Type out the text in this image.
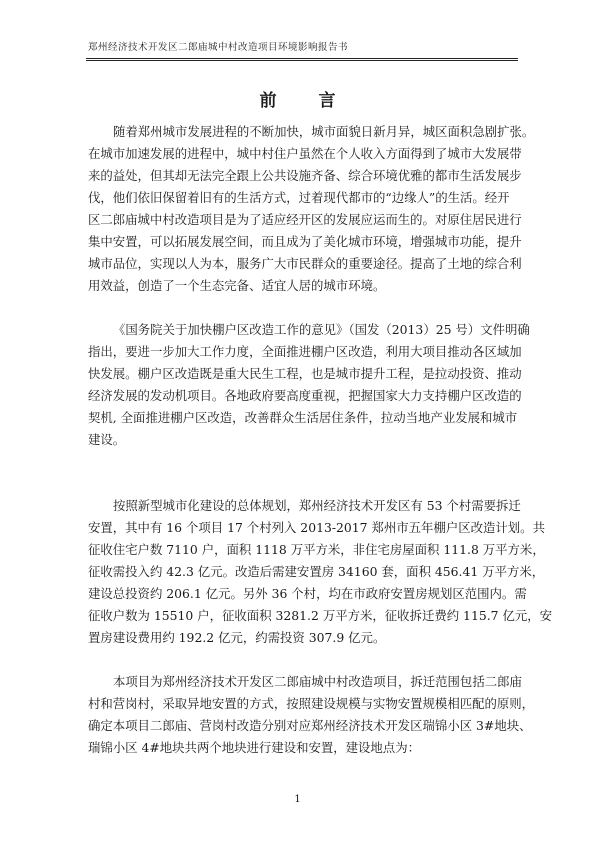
郑州经济技术开发区二郎庙城中村改造项目环境影响报告书
前 言
随着郑州城市发展进程的不断加快，城市面貌日新月异，城区面积急剧扩张。
在城市加速发展的进程中，城中村住户虽然在个人收入方面得到了城市大发展带
来的益处，但其却无法完全跟上公共设施齐备、综合环境优雅的都市生活发展步
伐，他们依旧保留着旧有的生活方式，过着现代都市的“边缘人”的生活。经开
区二郎庙城中村改造项目是为了适应经开区的发展应运而生的。对原住居民进行
集中安置，可以拓展发展空间，而且成为了美化城市环境，增强城市功能，提升
城市品位，实现以人为本，服务广大市民群众的重要途径。提高了土地的综合利
用效益，创造了一个生态完备、适宜人居的城市环境。
《国务院关于加快棚户区改造工作的意见》（国发（2013）25 号）文件明确
指出，要进一步加大工作力度，全面推进棚户区改造，利用大项目推动各区域加
快发展。棚户区改造既是重大民生工程，也是城市提升工程，是拉动投资、推动
经济发展的发动机项目。各地政府要高度重视，把握国家大力支持棚户区改造的
契机, 全面推进棚户区改造，改善群众生活居住条件，拉动当地产业发展和城市
建设。
按照新型城市化建设的总体规划，郑州经济技术开发区有 53 个村需要拆迁
安置，其中有 16 个项目 17 个村列入 2013-2017 郑州市五年棚户区改造计划。共
征收住宅户数 7110 户，面积 1118 万平方米，非住宅房屋面积 111.8 万平方米，
征收需投入约 42.3 亿元。改造后需建安置房 34160 套，面积 456.41 万平方米，
建设总投资约 206.1 亿元。另外 36 个村，均在市政府安置房规划区范围内。需
征收户数为 15510 户，征收面积 3281.2 万平方米，征收拆迁费约 115.7 亿元，安
置房建设费用约 192.2 亿元，约需投资 307.9 亿元。
本项目为郑州经济技术开发区二郎庙城中村改造项目，拆迁范围包括二郎庙
村和营岗村，采取异地安置的方式，按照建设规模与实物安置规模相匹配的原则，
确定本项目二郎庙、营岗村改造分别对应郑州经济技术开发区瑞锦小区 3#地块、
瑞锦小区 4#地块共两个地块进行建设和安置，建设地点为：
1
